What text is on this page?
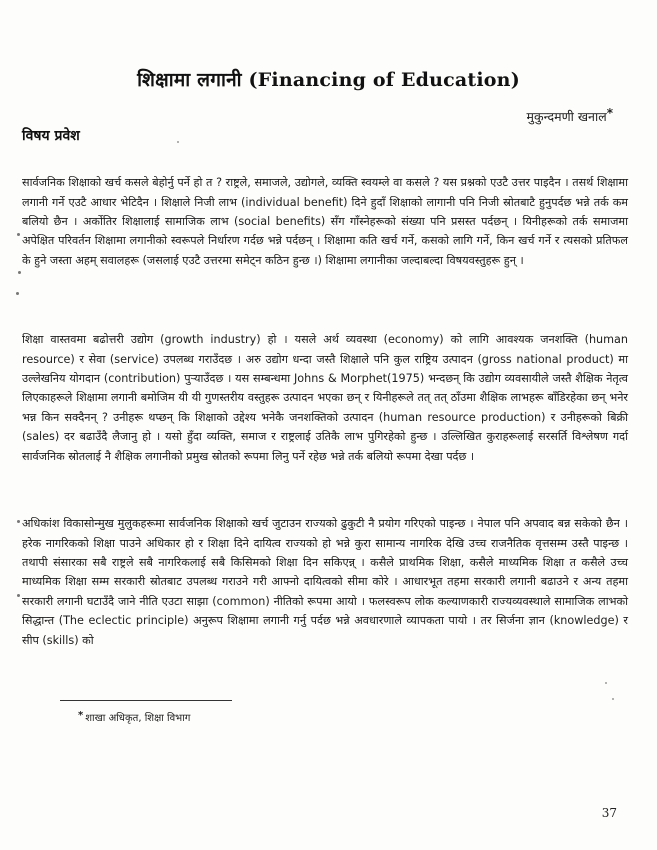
शिक्षामा लगानी (Financing of Education)
मुकुन्दमणी खनाल*
विषय प्रवेश

सार्वजनिक शिक्षाको खर्च कसले बेहोर्नु पर्ने हो त ? राष्ट्रले, समाजले, उद्योगले, व्यक्ति स्वयम्ले वा कसले ? यस प्रश्नको एउटै उत्तर पाइदैन । तसर्थ शिक्षामा लगानी गर्ने एउटै आधार भेटिदैन । शिक्षाले निजी लाभ (individual benefit) दिने हुदाँ शिक्षाको लागानी पनि निजी स्रोतबाटै हुनुपर्दछ भन्ने तर्क कम बलियो छैन । अर्कोतिर शिक्षालाई सामाजिक लाभ (social benefits) सँग गाँस्नेहरूको संख्या पनि प्रसस्त पर्दछन् । यिनीहरूको तर्क समाजमा अपेक्षित परिवर्तन शिक्षामा लगानीको स्वरूपले निर्धारण गर्दछ भन्ने पर्दछन् । शिक्षामा कति खर्च गर्ने, कसको लागि गर्ने, किन खर्च गर्ने र त्यसको प्रतिफल के हुने जस्ता अहम् सवालहरू (जसलाई एउटै उत्तरमा समेट्न कठिन हुन्छ ।) शिक्षामा लगानीका जल्दाबल्दा विषयवस्तुहरू हुन् ।

शिक्षा वास्तवमा बढोत्तरी उद्योग (growth industry) हो । यसले अर्थ व्यवस्था (economy) को लागि आवश्यक जनशक्ति (human resource) र सेवा (service) उपलब्ध गराउँदछ । अरु उद्योग धन्दा जस्तै शिक्षाले पनि कुल राष्ट्रिय उत्पादन (gross national product) मा उल्लेखनिय योगदान (contribution) पुऱ्याउँदछ । यस सम्बन्धमा Johns & Morphet(1975) भन्दछन् कि उद्योग व्यवसायीले जस्तै शैक्षिक नेतृत्व लिएकाहरूले शिक्षामा लगानी बमोजिम यी यी गुणस्तरीय वस्तुहरू उत्पादन भएका छन् र यिनीहरूले तत् तत् ठाँउमा शैक्षिक लाभहरू बाँडिरहेका छन् भनेर भन्न किन सक्दैनन् ? उनीहरू थप्छन् कि शिक्षाको उद्देश्य भनेकै जनशक्तिको उत्पादन (human resource production) र उनीहरूको बिक्री (sales) दर बढाउँदै लैजानु हो । यसो हुँदा व्यक्ति, समाज र राष्ट्रलाई उतिकै लाभ पुगिरहेको हुन्छ । उल्लिखित कुराहरूलाई सरसर्ति विश्लेषण गर्दा सार्वजनिक स्रोतलाई नै शैक्षिक लगानीको प्रमुख स्रोतको रूपमा लिनु पर्ने रहेछ भन्ने तर्क बलियो रूपमा देखा पर्दछ ।

अधिकांश विकासोन्मुख मुलुकहरूमा सार्वजनिक शिक्षाको खर्च जुटाउन राज्यको ढुकुटी नै प्रयोग गरिएको पाइन्छ । नेपाल पनि अपवाद बन्न सकेको छैन । हरेक नागरिकको शिक्षा पाउने अधिकार हो र शिक्षा दिने दायित्व राज्यको हो भन्ने कुरा सामान्य नागरिक देखि उच्च राजनैतिक वृत्तसम्म उस्तै पाइन्छ । तथापी संसारका सबै राष्ट्रले सबै नागरिकलाई सबै किसिमको शिक्षा दिन सकिएन्न् । कसैले प्राथमिक शिक्षा, कसैले माध्यमिक शिक्षा त कसैले उच्च माध्यमिक शिक्षा सम्म सरकारी स्रोतबाट उपलब्ध गराउने गरी आफ्नो दायित्वको सीमा कोरे । आधारभूत तहमा सरकारी लगानी बढाउने र अन्य तहमा सरकारी लगानी घटाउँदै जाने नीति एउटा साझा (common) नीतिको रूपमा आयो । फलस्वरूप लोक कल्याणकारी राज्यव्यवस्थाले सामाजिक लाभको सिद्धान्त (The eclectic principle) अनुरूप शिक्षामा लगानी गर्नु पर्दछ भन्ने अवधारणाले व्यापकता पायो । तर सिर्जना ज्ञान (knowledge) र सीप (skills) को

* शाखा अधिकृत, शिक्षा विभाग
37
